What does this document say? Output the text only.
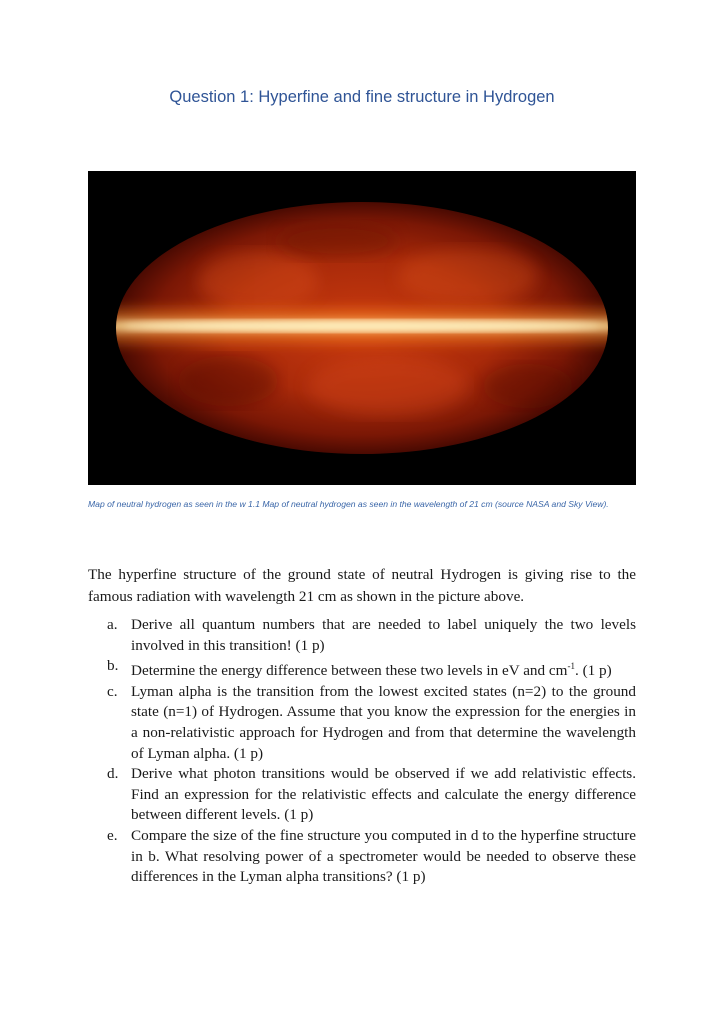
Question 1: Hyperfine and fine structure in Hydrogen
Map of neutral hydrogen as seen in the w 1.1 Map of neutral hydrogen as seen in the wavelength of 21 cm (source NASA and Sky View).

The hyperfine structure of the ground state of neutral Hydrogen is giving rise to the famous radiation with wavelength 21 cm as shown in the picture above.

a. Derive all quantum numbers that are needed to label uniquely the two levels involved in this transition! (1 p)
b. Determine the energy difference between these two levels in eV and $cm^{-1}$. (1 p)
c. Lyman alpha is the transition from the lowest excited states (n=2) to the ground state (n=1) of Hydrogen. Assume that you know the expression for the energies in a non-relativistic approach for Hydrogen and from that determine the wavelength of Lyman alpha. (1 p)
d. Derive what photon transitions would be observed if we add relativistic effects. Find an expression for the relativistic effects and calculate the energy difference between different levels. (1 p)
e. Compare the size of the fine structure you computed in d to the hyperfine structure in b. What resolving power of a spectrometer would be needed to observe these differences in the Lyman alpha transitions? (1 p)
